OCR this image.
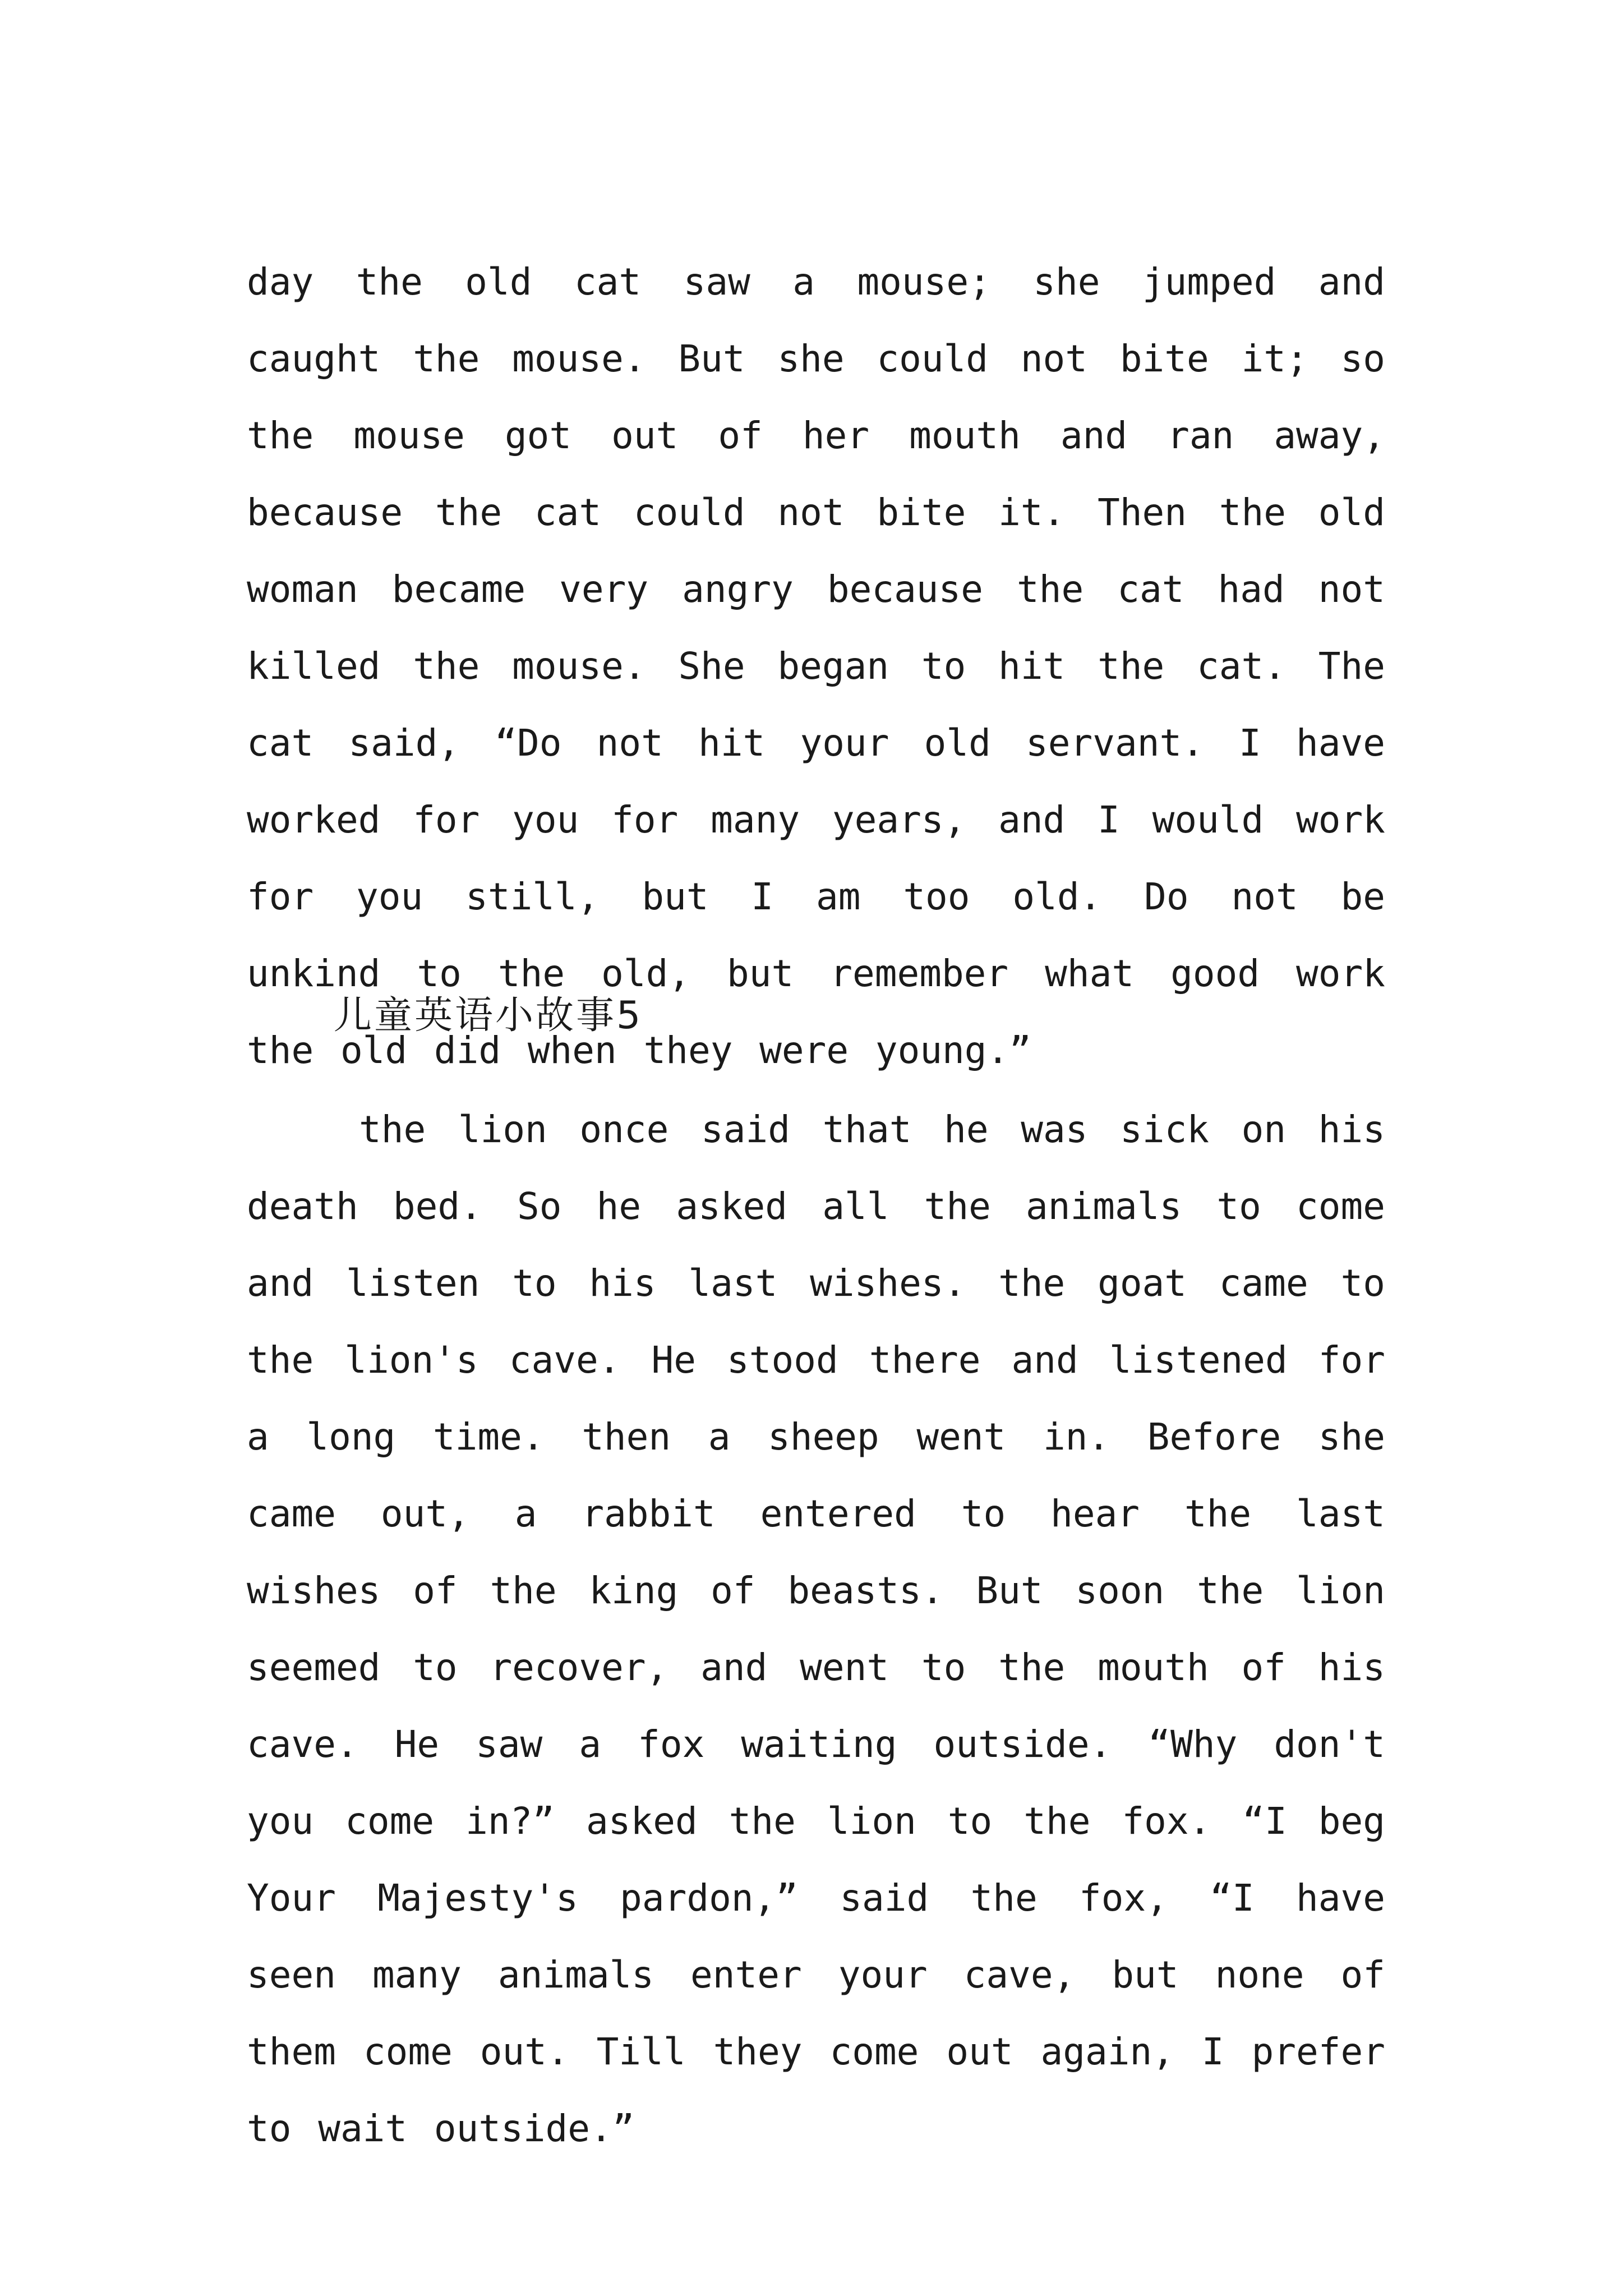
day the old cat saw a mouse; she jumped and caught the mouse. But she could not bite it; so the mouse got out of her mouth and ran away, because the cat could not bite it. Then the old woman became very angry because the cat had not killed the mouse. She began to hit the cat. The cat said, “Do not hit your old servant. I have worked for you for many years, and I would work for you still, but I am too old. Do not be unkind to the old, but remember what good work the old did when they were young.”

儿童英语小故事5

the lion once said that he was sick on his death bed. So he asked all the animals to come and listen to his last wishes. the goat came to the lion's cave. He stood there and listened for a long time. then a sheep went in. Before she came out, a rabbit entered to hear the last wishes of the king of beasts. But soon the lion seemed to recover, and went to the mouth of his cave. He saw a fox waiting outside. “Why don't you come in?” asked the lion to the fox. “I beg Your Majesty's pardon,” said the fox, “I have seen many animals enter your cave, but none of them come out. Till they come out again, I prefer to wait outside.”
